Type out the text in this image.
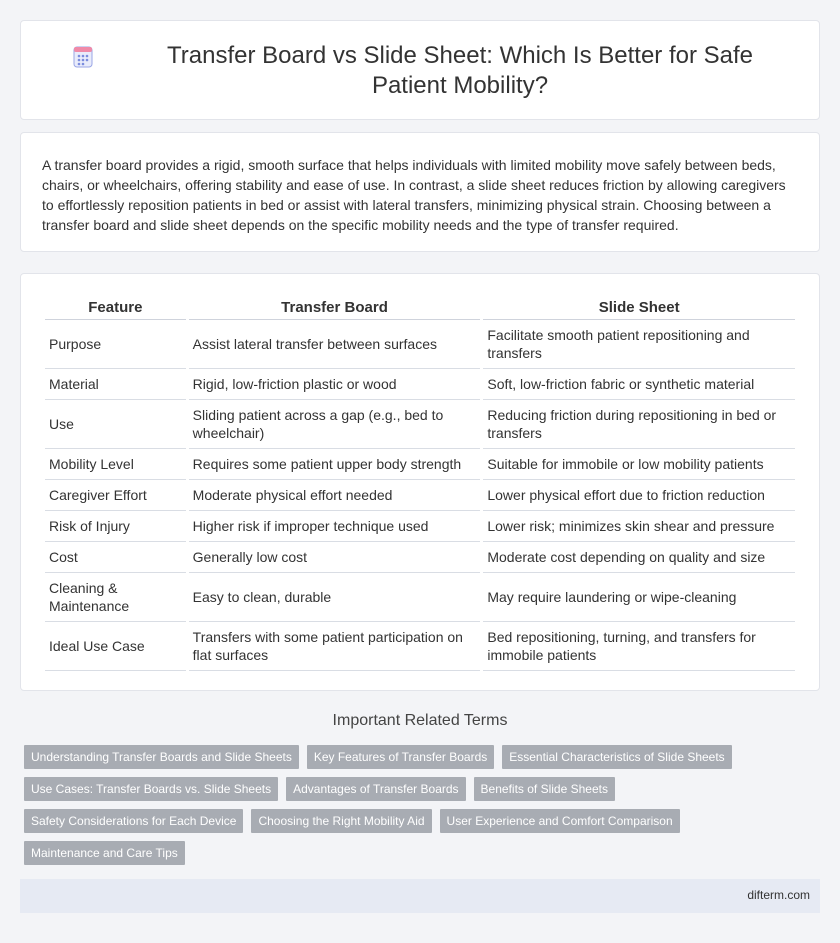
Transfer Board vs Slide Sheet: Which Is Better for Safe Patient Mobility?

A transfer board provides a rigid, smooth surface that helps individuals with limited mobility move safely between beds, chairs, or wheelchairs, offering stability and ease of use. In contrast, a slide sheet reduces friction by allowing caregivers to effortlessly reposition patients in bed or assist with lateral transfers, minimizing physical strain. Choosing between a transfer board and slide sheet depends on the specific mobility needs and the type of transfer required.

Feature	Transfer Board	Slide Sheet
Purpose	Assist lateral transfer between surfaces	Facilitate smooth patient repositioning and transfers
Material	Rigid, low-friction plastic or wood	Soft, low-friction fabric or synthetic material
Use	Sliding patient across a gap (e.g., bed to wheelchair)	Reducing friction during repositioning in bed or transfers
Mobility Level	Requires some patient upper body strength	Suitable for immobile or low mobility patients
Caregiver Effort	Moderate physical effort needed	Lower physical effort due to friction reduction
Risk of Injury	Higher risk if improper technique used	Lower risk; minimizes skin shear and pressure
Cost	Generally low cost	Moderate cost depending on quality and size
Cleaning & Maintenance	Easy to clean, durable	May require laundering or wipe-cleaning
Ideal Use Case	Transfers with some patient participation on flat surfaces	Bed repositioning, turning, and transfers for immobile patients
Important Related Terms
Understanding Transfer Boards and Slide Sheets	Key Features of Transfer Boards	Essential Characteristics of Slide Sheets
Use Cases: Transfer Boards vs. Slide Sheets	Advantages of Transfer Boards	Benefits of Slide Sheets
Safety Considerations for Each Device	Choosing the Right Mobility Aid	User Experience and Comfort Comparison
Maintenance and Care Tips
difterm.com
